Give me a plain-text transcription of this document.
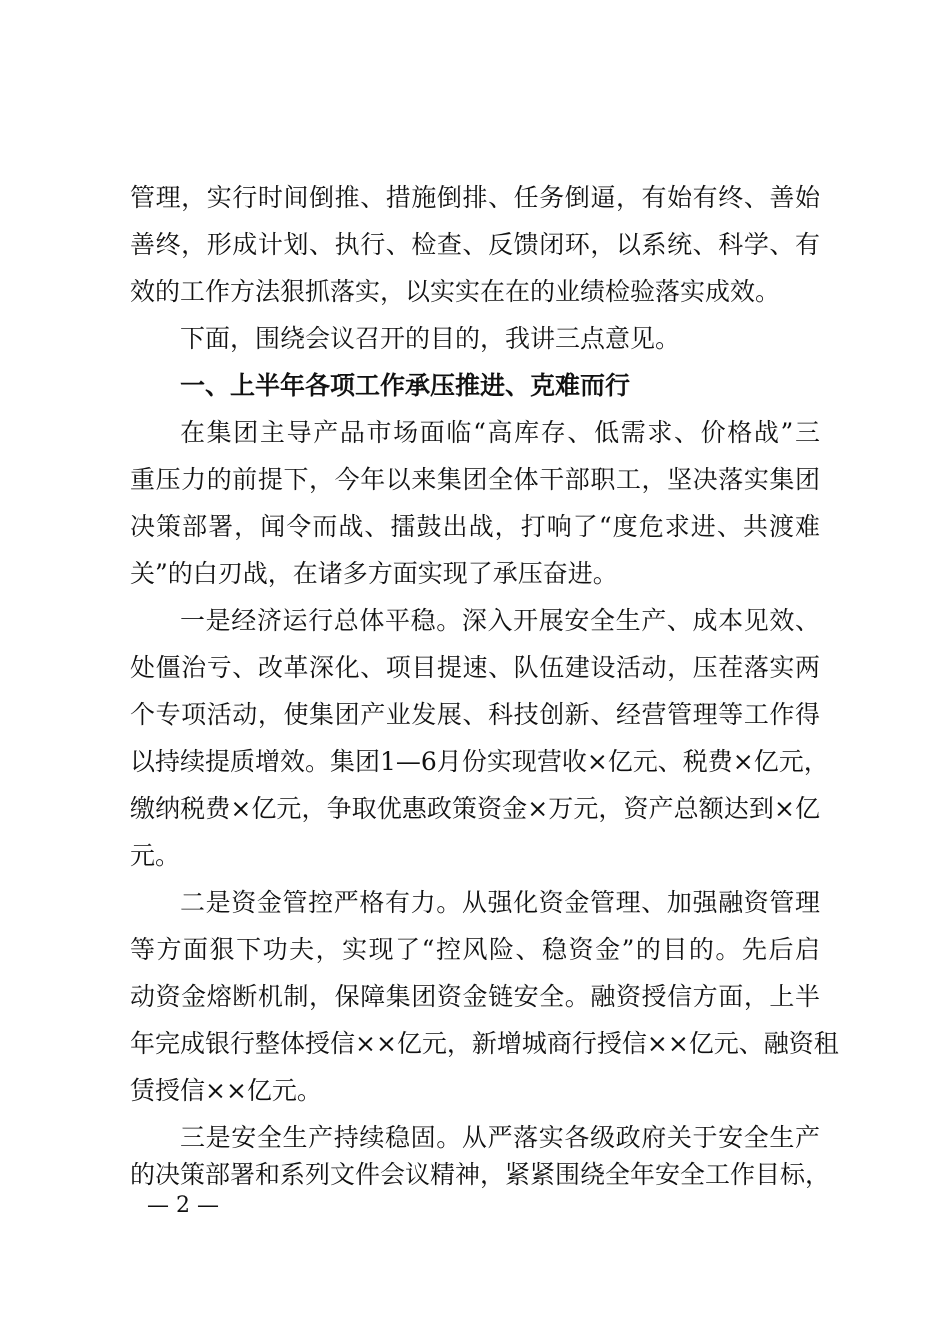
管理，实行时间倒推、措施倒排、任务倒逼，有始有终、善始
善终，形成计划、执行、检查、反馈闭环，以系统、科学、有
效的工作方法狠抓落实，以实实在在的业绩检验落实成效。
下面，围绕会议召开的目的，我讲三点意见。
一、上半年各项工作承压推进、克难而行
在集团主导产品市场面临“高库存、低需求、价格战”三
重压力的前提下，今年以来集团全体干部职工，坚决落实集团
决策部署，闻令而战、擂鼓出战，打响了“度危求进、共渡难
关”的白刃战，在诸多方面实现了承压奋进。
一是经济运行总体平稳。深入开展安全生产、成本见效、
处僵治亏、改革深化、项目提速、队伍建设活动，压茬落实两
个专项活动，使集团产业发展、科技创新、经营管理等工作得
以持续提质增效。集团1—6月份实现营收×亿元、税费×亿元，
缴纳税费×亿元，争取优惠政策资金×万元，资产总额达到×亿
元。
二是资金管控严格有力。从强化资金管理、加强融资管理
等方面狠下功夫，实现了“控风险、稳资金”的目的。先后启
动资金熔断机制，保障集团资金链安全。融资授信方面，上半
年完成银行整体授信××亿元，新增城商行授信××亿元、融资租
赁授信××亿元。
三是安全生产持续稳固。从严落实各级政府关于安全生产
的决策部署和系列文件会议精神，紧紧围绕全年安全工作目标，
— 2 —
